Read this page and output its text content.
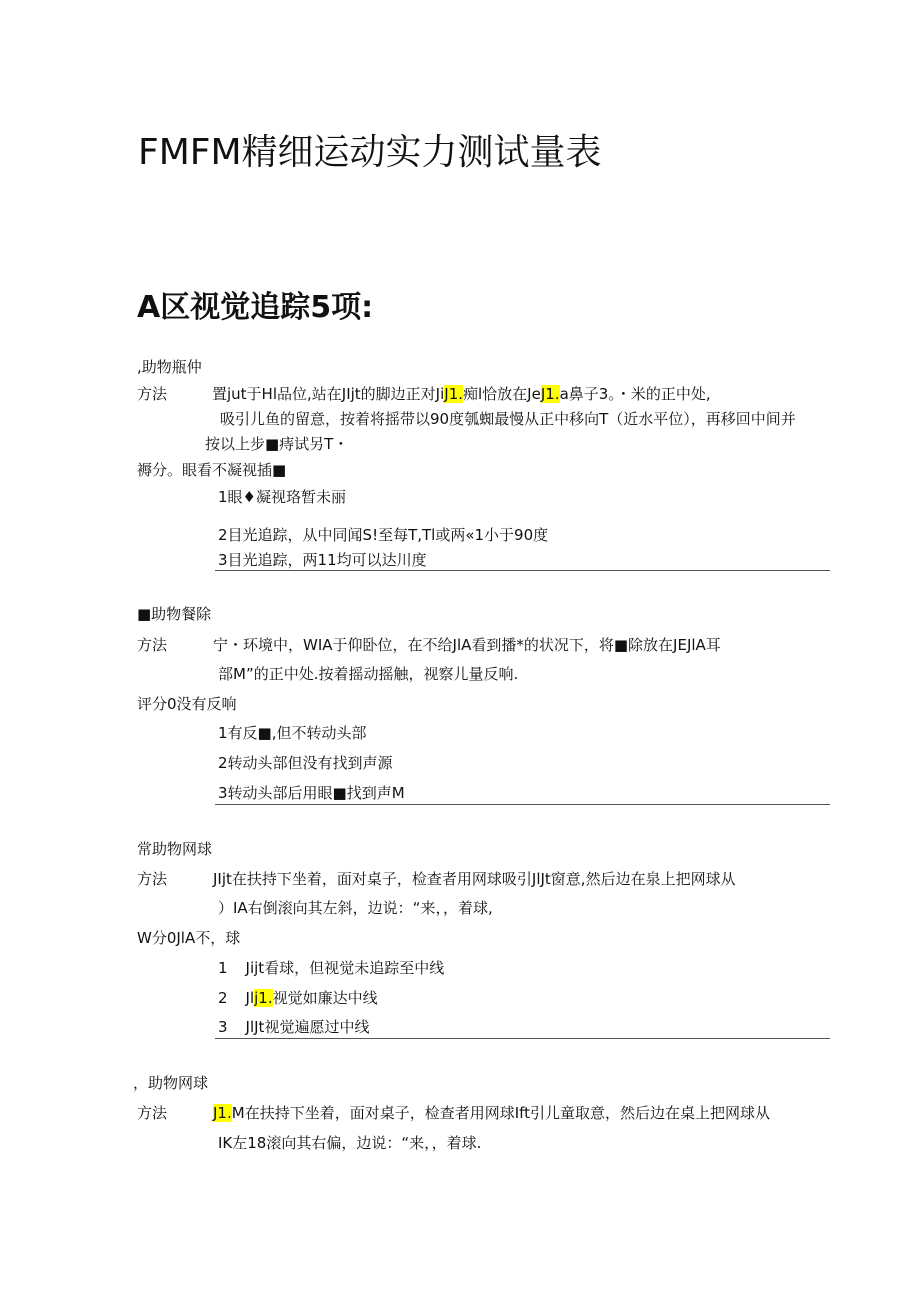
FMFM精细运动实力测试量表
A区视觉追踪5项:
,助物瓶仲
方法	置jut于Hl品位,站在JIjt的脚边正对JiJ1.痴l恰放在JeJ1.a鼻子3。・米的正中处,
吸引儿鱼的留意，按着将摇带以90度瓠蜘最慢从正中移向T（近水平位），再移回中间并
按以上步■痔试另T・
褥分。眼看不凝视插■
1眼♦凝视珞暂未丽
2目光追踪，从中同闻S!至每T,Tl或两«1小于90度
3目光追踪，两11均可以达川度
■助物餐除
方法	宁・环境中，WIA于仰卧位，在不给JlA看到播*的状况下，将■除放在JEJlA耳
部M”的正中处.按着摇动摇触，视察儿量反响.
评分0没有反响
1有反■,但不转动头部
2转动头部但没有找到声源
3转动头部后用眼■找到声M
常助物网球
方法	JIjt在扶持下坐着，面对桌子，检查者用网球吸引JlJt窗意,然后边在泉上把网球从
）IA右倒滚向其左斜，边说：“来，，着球,
W分0JlA不，球
1 Jijt看球，但视觉未追踪至中线
2 Jlj1.视觉如廉达中线
3 JlJt视觉遍愿过中线
，助物网球
方法	J1.M在扶持下坐着，面对桌子，检查者用网球Ift引儿童取意，然后边在桌上把网球从
IK左18滚向其右偏，边说：“来，，着球.
